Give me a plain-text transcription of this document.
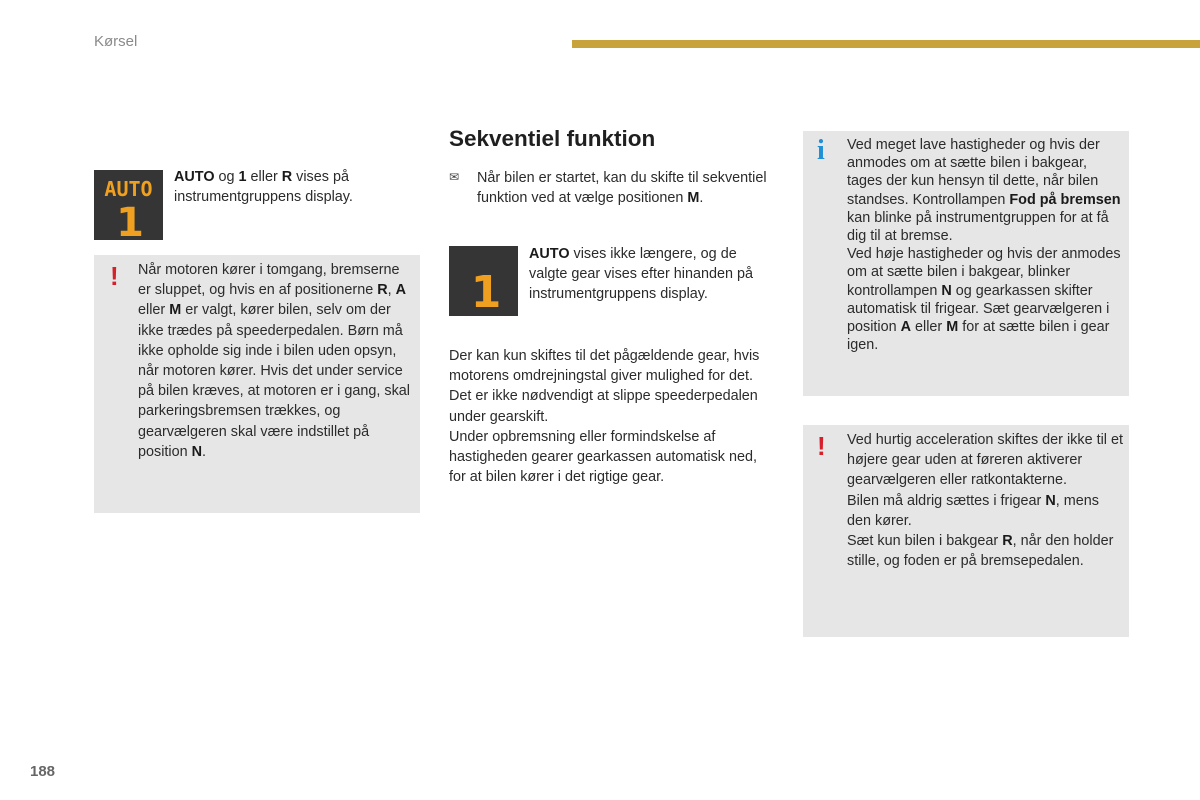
Kørsel
AUTO
1
AUTO og 1 eller R vises på instrumentgruppens display.
! Når motoren kører i tomgang, bremserne er sluppet, og hvis en af positionerne R, A eller M er valgt, kører bilen, selv om der ikke trædes på speederpedalen. Børn må ikke opholde sig inde i bilen uden opsyn, når motoren kører. Hvis det under service på bilen kræves, at motoren er i gang, skal parkeringsbremsen trækkes, og gearvælgeren skal være indstillet på position N.
Sekventiel funktion
✉ Når bilen er startet, kan du skifte til sekventiel funktion ved at vælge positionen M.
1
AUTO vises ikke længere, og de valgte gear vises efter hinanden på instrumentgruppens display.
Der kan kun skiftes til det pågældende gear, hvis motorens omdrejningstal giver mulighed for det.
Det er ikke nødvendigt at slippe speederpedalen under gearskift.
Under opbremsning eller formindskelse af hastigheden gearer gearkassen automatisk ned, for at bilen kører i det rigtige gear.
i Ved meget lave hastigheder og hvis der anmodes om at sætte bilen i bakgear, tages der kun hensyn til dette, når bilen standses. Kontrollampen Fod på bremsen kan blinke på instrumentgruppen for at få dig til at bremse.
Ved høje hastigheder og hvis der anmodes om at sætte bilen i bakgear, blinker kontrollampen N og gearkassen skifter automatisk til frigear. Sæt gearvælgeren i position A eller M for at sætte bilen i gear igen.
! Ved hurtig acceleration skiftes der ikke til et højere gear uden at føreren aktiverer gearvælgeren eller ratkontakterne.
Bilen må aldrig sættes i frigear N, mens den kører.
Sæt kun bilen i bakgear R, når den holder stille, og foden er på bremsepedalen.
188
